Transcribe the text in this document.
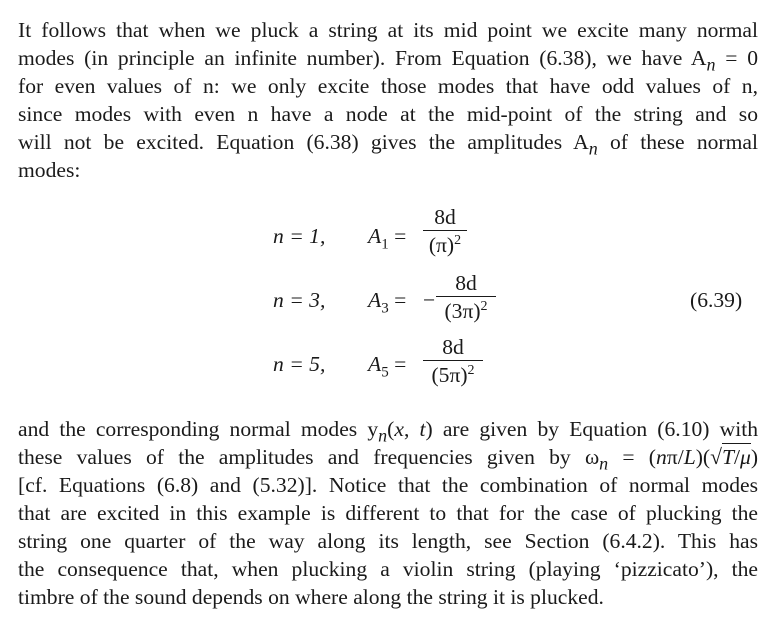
It follows that when we pluck a string at its mid point we excite many normal
modes (in principle an infinite number). From Equation (6.38), we have $A_n = 0$
for even values of n: we only excite those modes that have odd values of n,
since modes with even n have a node at the mid-point of the string and so
will not be excited. Equation (6.38) gives the amplitudes $A_n$ of these normal
modes:
n = 1, $A_1$ =
8d
$(\pi)^2$
n = 3, $A_3$ = −
8d
$(3\pi)^2$
n = 5, $A_5$ =
8d
$(5\pi)^2$
(6.39)
and the corresponding normal modes $y_n(x$, t) are given by Equation (6.10) with
these values of the amplitudes and frequencies given by $\omega_n = (n\pi/L)(√T/\mu)$
[cf. Equations (6.8) and (5.32)]. Notice that the combination of normal modes
that are excited in this example is different to that for the case of plucking the
string one quarter of the way along its length, see Section (6.4.2). This has
the consequence that, when plucking a violin string (playing ‘pizzicato’), the
timbre of the sound depends on where along the string it is plucked.
